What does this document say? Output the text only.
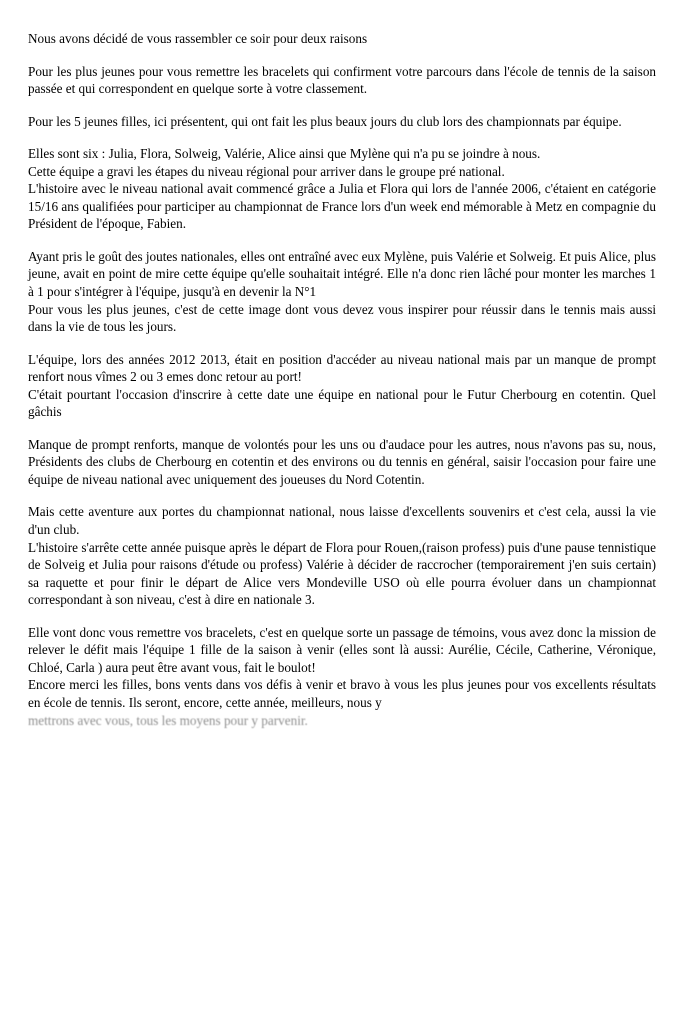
Nous avons décidé de vous rassembler ce soir pour deux raisons

Pour les plus jeunes pour vous remettre les bracelets qui confirment votre parcours dans l'école de tennis de la saison passée et qui correspondent en quelque sorte à votre classement.

Pour les 5 jeunes filles, ici présentent, qui ont fait les plus beaux jours du club lors des championnats par équipe.

Elles sont six : Julia, Flora, Solweig, Valérie, Alice ainsi que Mylène qui n'a pu se joindre à nous.

Cette équipe a gravi les étapes du niveau régional pour arriver dans le groupe pré national.

L'histoire avec le niveau national avait commencé grâce a Julia et Flora qui lors de l'année 2006, c'étaient en catégorie 15/16 ans qualifiées pour participer au championnat de France lors d'un week end mémorable à Metz en compagnie du Président de l'époque, Fabien.

Ayant pris le goût des joutes nationales, elles ont entraîné avec eux Mylène, puis Valérie et Solweig. Et puis Alice, plus jeune, avait en point de mire cette équipe qu'elle souhaitait intégré. Elle n'a donc rien lâché pour monter les marches 1 à 1 pour s'intégrer à l'équipe, jusqu'à en devenir la N°1

Pour vous les plus jeunes, c'est de cette image dont vous devez vous inspirer pour réussir dans le tennis mais aussi dans la vie de tous les jours.

L'équipe, lors des années 2012 2013, était en position d'accéder au niveau national mais par un manque de prompt renfort nous vîmes 2 ou 3 emes donc retour au port!

C'était pourtant l'occasion d'inscrire à cette date une équipe en national pour le Futur Cherbourg en cotentin. Quel gâchis

Manque de prompt renforts, manque de volontés pour les uns ou d'audace pour les autres, nous n'avons pas su, nous, Présidents des clubs de Cherbourg en cotentin et des environs ou du tennis en général, saisir l'occasion pour faire une équipe de niveau national avec uniquement des joueuses du Nord Cotentin.

Mais cette aventure aux portes du championnat national, nous laisse d'excellents souvenirs et c'est cela, aussi la vie d'un club.

L'histoire s'arrête cette année puisque après le départ de Flora pour Rouen,(raison profess) puis d'une pause tennistique de Solveig et Julia pour raisons d'étude ou profess) Valérie à décider de raccrocher (temporairement j'en suis certain) sa raquette et pour finir le départ de Alice vers Mondeville USO où elle pourra évoluer dans un championnat correspondant à son niveau, c'est à dire en nationale 3.

Elle vont donc vous remettre vos bracelets, c'est en quelque sorte un passage de témoins, vous avez donc la mission de relever le défit mais l'équipe 1 fille de la saison à venir (elles sont là aussi: Aurélie, Cécile, Catherine, Véronique, Chloé, Carla ) aura peut être avant vous, fait le boulot!

Encore merci les filles, bons vents dans vos défis à venir et bravo à vous les plus jeunes pour vos excellents résultats en école de tennis. Ils seront, encore, cette année, meilleurs, nous y

mettrons avec vous, tous les moyens pour y parvenir.
